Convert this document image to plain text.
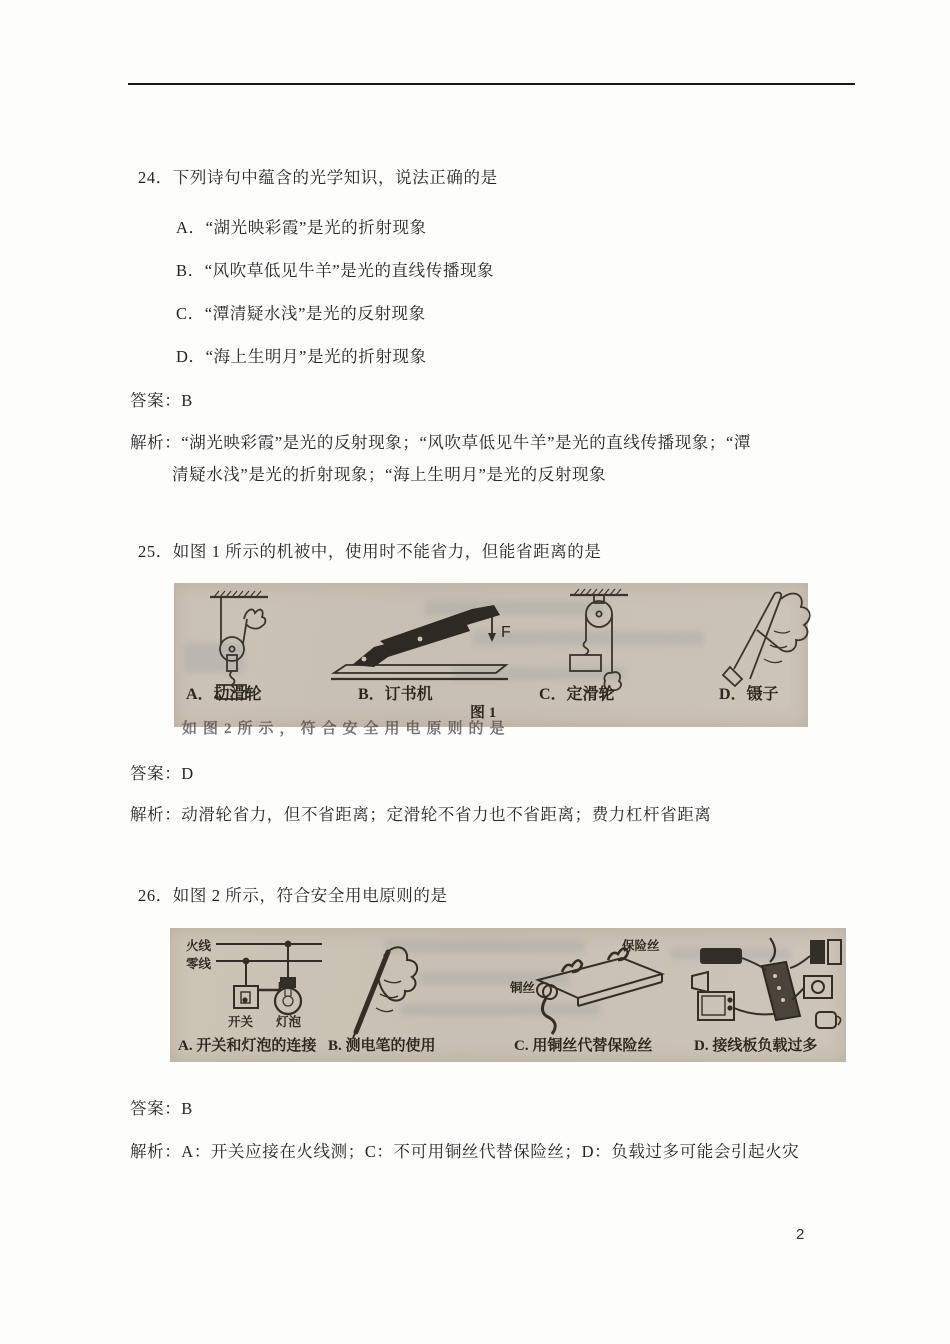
24．下列诗句中蕴含的光学知识，说法正确的是
A．“湖光映彩霞”是光的折射现象
B．“风吹草低见牛羊”是光的直线传播现象
C．“潭清疑水浅”是光的反射现象
D．“海上生明月”是光的折射现象
答案：B
解析：“湖光映彩霞”是光的反射现象；“风吹草低见牛羊”是光的直线传播现象；“潭
清疑水浅”是光的折射现象；“海上生明月”是光的反射现象
25．如图 1 所示的机被中，使用时不能省力，但能省距离的是
F
A．动滑轮	B．订书机	C．定滑轮	D．镊子
图 1
如图2所示，符合安全用电原则的是
答案：D
解析：动滑轮省力，但不省距离；定滑轮不省力也不省距离；费力杠杆省距离
26．如图 2 所示，符合安全用电原则的是
火线
零线
开关 灯泡
保险丝
铜丝
A. 开关和灯泡的连接 B. 测电笔的使用	C. 用铜丝代替保险丝	D. 接线板负载过多
答案：B
解析：A：开关应接在火线测；C：不可用铜丝代替保险丝；D：负载过多可能会引起火灾
2
